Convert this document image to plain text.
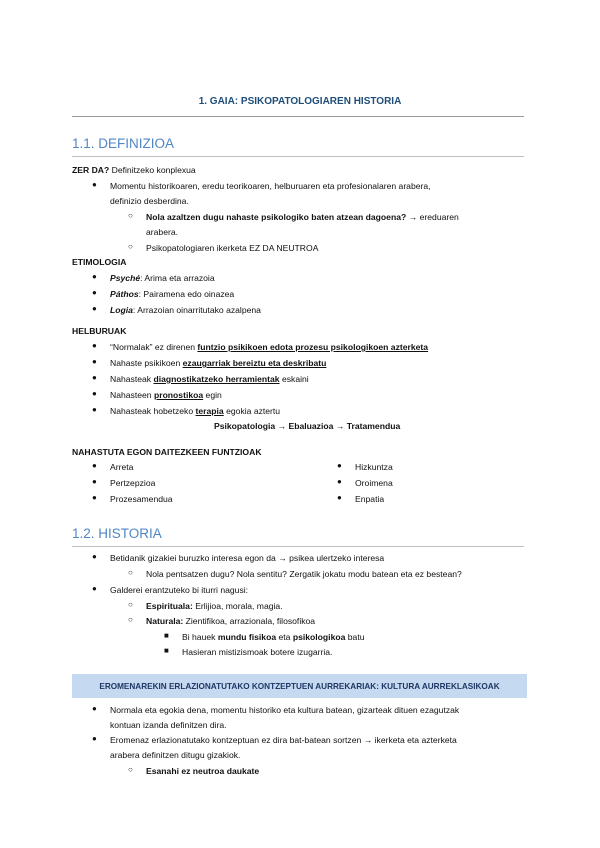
1. GAIA: PSIKOPATOLOGIAREN HISTORIA
1.1. DEFINIZIOA
ZER DA? Definitzeko konplexua
● Momentu historikoaren, eredu teorikoaren, helburuaren eta profesionalaren arabera,
definizio desberdina.
○ Nola azaltzen dugu nahaste psikologiko baten atzean dagoena? → ereduaren
arabera.
○ Psikopatologiaren ikerketa EZ DA NEUTROA
ETIMOLOGIA
● Psyché: Arima eta arrazoia
● Páthos: Pairamena edo oinazea
● Logia: Arrazoian oinarritutako azalpena
HELBURUAK
● “Normalak” ez direnen funtzio psikikoen edota prozesu psikologikoen azterketa
● Nahaste psikikoen ezaugarriak bereiztu eta deskribatu
● Nahasteak diagnostikatzeko herramientak eskaini
● Nahasteen pronostikoa egin
● Nahasteak hobetzeko terapia egokia aztertu
Psikopatologia → Ebaluazioa → Tratamendua
NAHASTUTA EGON DAITEZKEEN FUNTZIOAK
● Arreta
● Pertzepzioa
● Prozesamendua
● Hizkuntza
● Oroimena
● Enpatia
1.2. HISTORIA
● Betidanik gizakiei buruzko interesa egon da → psikea ulertzeko interesa
○ Nola pentsatzen dugu? Nola sentitu? Zergatik jokatu modu batean eta ez bestean?
● Galderei erantzuteko bi iturri nagusi:
○ Espirituala: Erlijioa, morala, magia.
○ Naturala: Zientifikoa, arrazionala, filosofikoa
■ Bi hauek mundu fisikoa eta psikologikoa batu
■ Hasieran mistizismoak botere izugarria.
EROMENAREKIN ERLAZIONATUTAKO KONTZEPTUEN AURREKARIAK: KULTURA AURREKLASIKOAK
● Normala eta egokia dena, momentu historiko eta kultura batean, gizarteak dituen ezagutzak
kontuan izanda definitzen dira.
● Eromenaz erlazionatutako kontzeptuan ez dira bat-batean sortzen → ikerketa eta azterketa
arabera definitzen ditugu gizakiok.
○ Esanahi ez neutroa daukate
